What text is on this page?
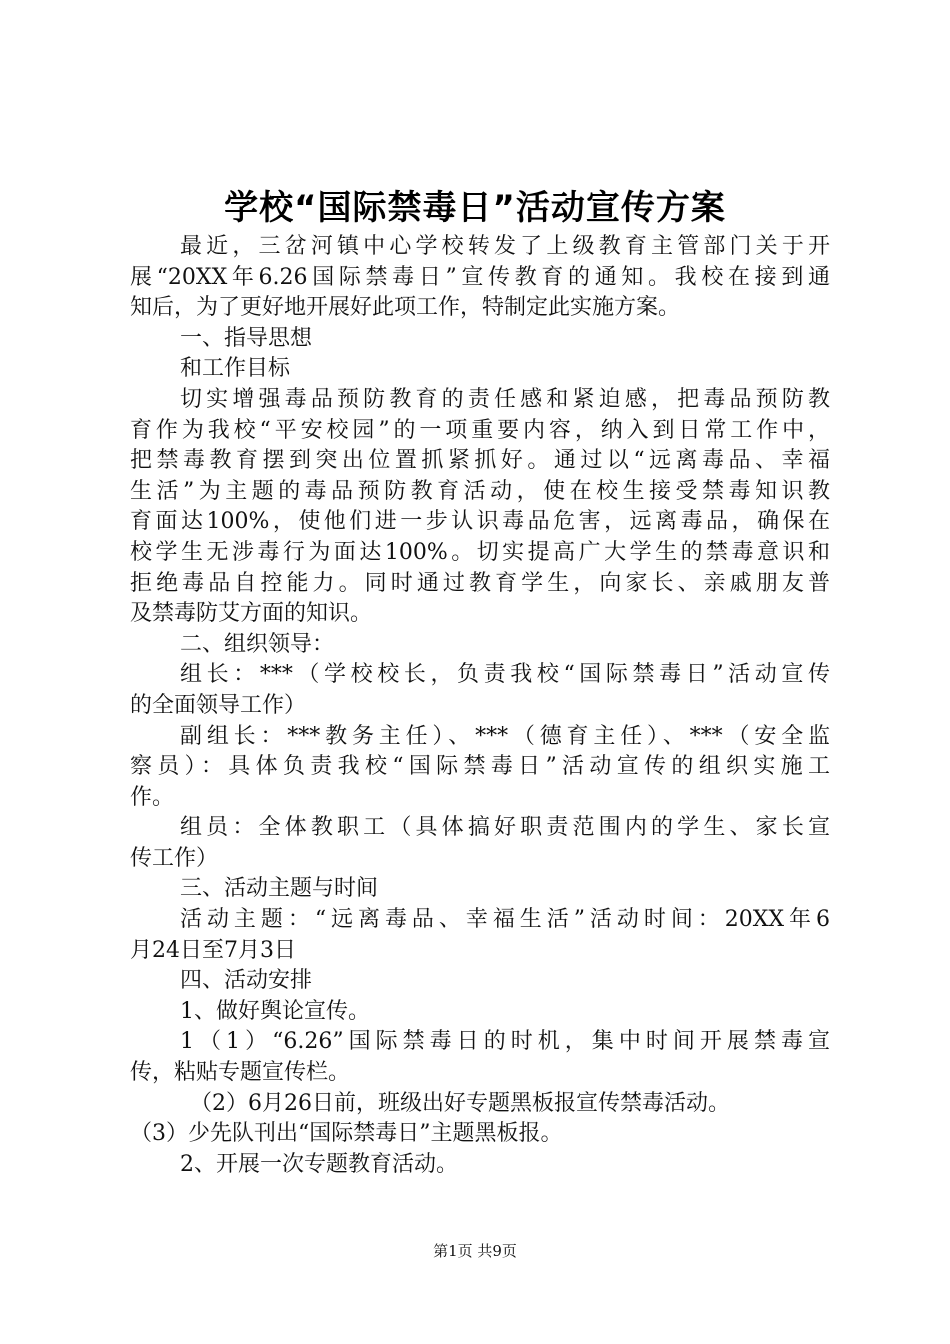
学校“国际禁毒日”活动宣传方案
最近，三岔河镇中心学校转发了上级教育主管部门关于开
展“20XX年6.26国际禁毒日”宣传教育的通知。我校在接到通
知后，为了更好地开展好此项工作，特制定此实施方案。
一、指导思想
和工作目标
切实增强毒品预防教育的责任感和紧迫感，把毒品预防教
育作为我校“平安校园”的一项重要内容，纳入到日常工作中，
把禁毒教育摆到突出位置抓紧抓好。通过以“远离毒品、幸福
生活”为主题的毒品预防教育活动，使在校生接受禁毒知识教
育面达100%，使他们进一步认识毒品危害，远离毒品，确保在
校学生无涉毒行为面达100%。切实提高广大学生的禁毒意识和
拒绝毒品自控能力。同时通过教育学生，向家长、亲戚朋友普
及禁毒防艾方面的知识。
二、组织领导：
组长：***（学校校长，负责我校“国际禁毒日”活动宣传
的全面领导工作）
副组长：***教务主任）、***（德育主任）、***（安全监
察员）：具体负责我校“国际禁毒日”活动宣传的组织实施工
作。
组员：全体教职工（具体搞好职责范围内的学生、家长宣
传工作）
三、活动主题与时间
活动主题：“远离毒品、幸福生活”活动时间：20XX年6
月24日至7月3日
四、活动安排
1、做好舆论宣传。
1（1）“6.26”国际禁毒日的时机，集中时间开展禁毒宣
传，粘贴专题宣传栏。
（2）6月26日前，班级出好专题黑板报宣传禁毒活动。
（3）少先队刊出“国际禁毒日”主题黑板报。
2、开展一次专题教育活动。
第1页 共9页
